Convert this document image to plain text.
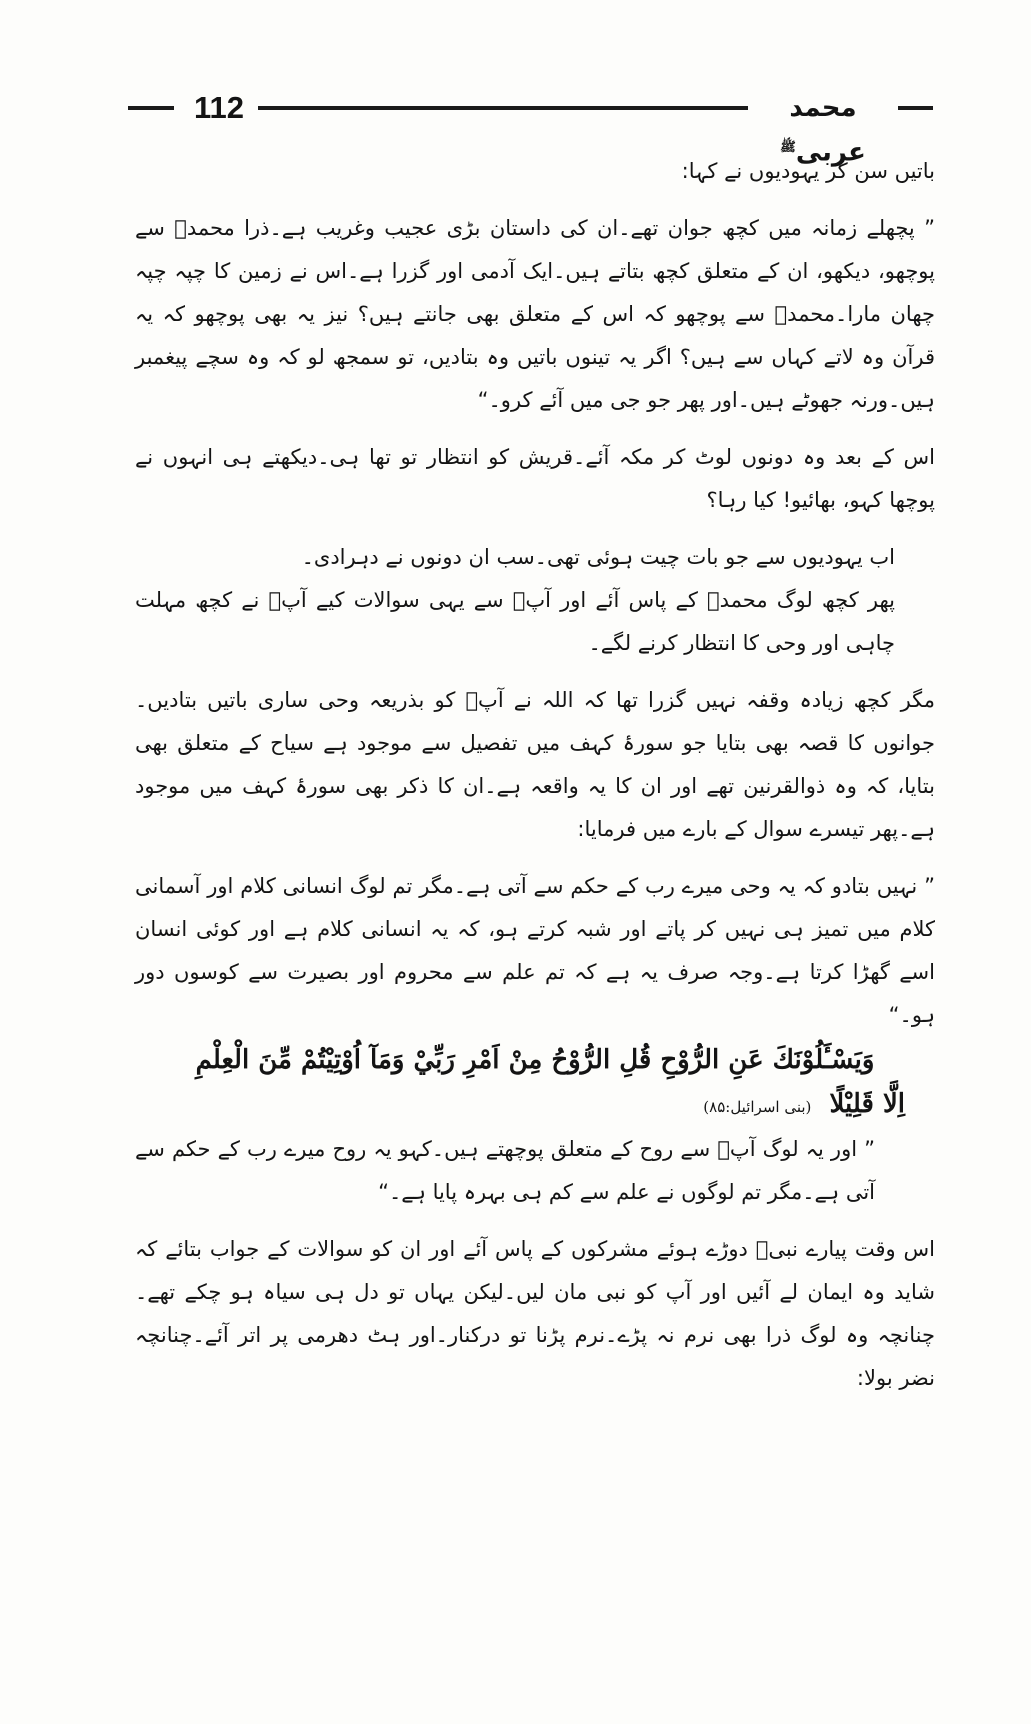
112	محمد عربی$^ﷺ$

باتیں سن کر یہودیوں نے کہا:

” پچھلے زمانہ میں کچھ جوان تھے۔ان کی داستان بڑی عجیب وغریب ہے۔ذرا محمدؐ سے پوچھو، دیکھو، ان کے متعلق کچھ بتاتے ہیں۔ایک آدمی اور گزرا ہے۔اس نے زمین کا چپہ چپہ چھان مارا۔محمدؐ سے پوچھو کہ اس کے متعلق بھی جانتے ہیں؟ نیز یہ بھی پوچھو کہ یہ قرآن وہ لاتے کہاں سے ہیں؟ اگر یہ تینوں باتیں وہ بتادیں، تو سمجھ لو کہ وہ سچے پیغمبر ہیں۔ورنہ جھوٹے ہیں۔اور پھر جو جی میں آئے کرو۔“

اس کے بعد وہ دونوں لوٹ کر مکہ آئے۔قریش کو انتظار تو تھا ہی۔دیکھتے ہی انہوں نے پوچھا کہو، بھائیو! کیا رہا؟

اب یہودیوں سے جو بات چیت ہوئی تھی۔سب ان دونوں نے دہرادی۔

پھر کچھ لوگ محمدؐ کے پاس آئے اور آپؐ سے یہی سوالات کیے آپؐ نے کچھ مہلت چاہی اور وحی کا انتظار کرنے لگے۔

مگر کچھ زیادہ وقفہ نہیں گزرا تھا کہ اللہ نے آپؐ کو بذریعہ وحی ساری باتیں بتادیں۔ جوانوں کا قصہ بھی بتایا جو سورۂ کہف میں تفصیل سے موجود ہے سیاح کے متعلق بھی بتایا، کہ وہ ذوالقرنین تھے اور ان کا یہ واقعہ ہے۔ان کا ذکر بھی سورۂ کہف میں موجود ہے۔پھر تیسرے سوال کے بارے میں فرمایا:

” نہیں بتادو کہ یہ وحی میرے رب کے حکم سے آتی ہے۔مگر تم لوگ انسانی کلام اور آسمانی کلام میں تمیز ہی نہیں کر پاتے اور شبہ کرتے ہو، کہ یہ انسانی کلام ہے اور کوئی انسان اسے گھڑا کرتا ہے۔وجہ صرف یہ ہے کہ تم علم سے محروم اور بصیرت سے کوسوں دور ہو۔“

وَيَسْـَٔلُوْنَكَ عَنِ الرُّوْحِ قُلِ الرُّوْحُ مِنْ اَمْرِ رَبِّيْ وَمَآ اُوْتِيْتُمْ مِّنَ الْعِلْمِ

اِلَّا قَلِيْلًا  (بنی اسرائیل:۸۵)

” اور یہ لوگ آپؐ سے روح کے متعلق پوچھتے ہیں۔کہو یہ روح میرے رب کے حکم سے آتی ہے۔مگر تم لوگوں نے علم سے کم ہی بہرہ پایا ہے۔“

اس وقت پیارے نبیؐ دوڑے ہوئے مشرکوں کے پاس آئے اور ان کو سوالات کے جواب بتائے کہ شاید وہ ایمان لے آئیں اور آپ کو نبی مان لیں۔لیکن یہاں تو دل ہی سیاہ ہو چکے تھے۔ چنانچہ وہ لوگ ذرا بھی نرم نہ پڑے۔نرم پڑنا تو درکنار۔اور ہٹ دھرمی پر اتر آئے۔چنانچہ نضر بولا:
